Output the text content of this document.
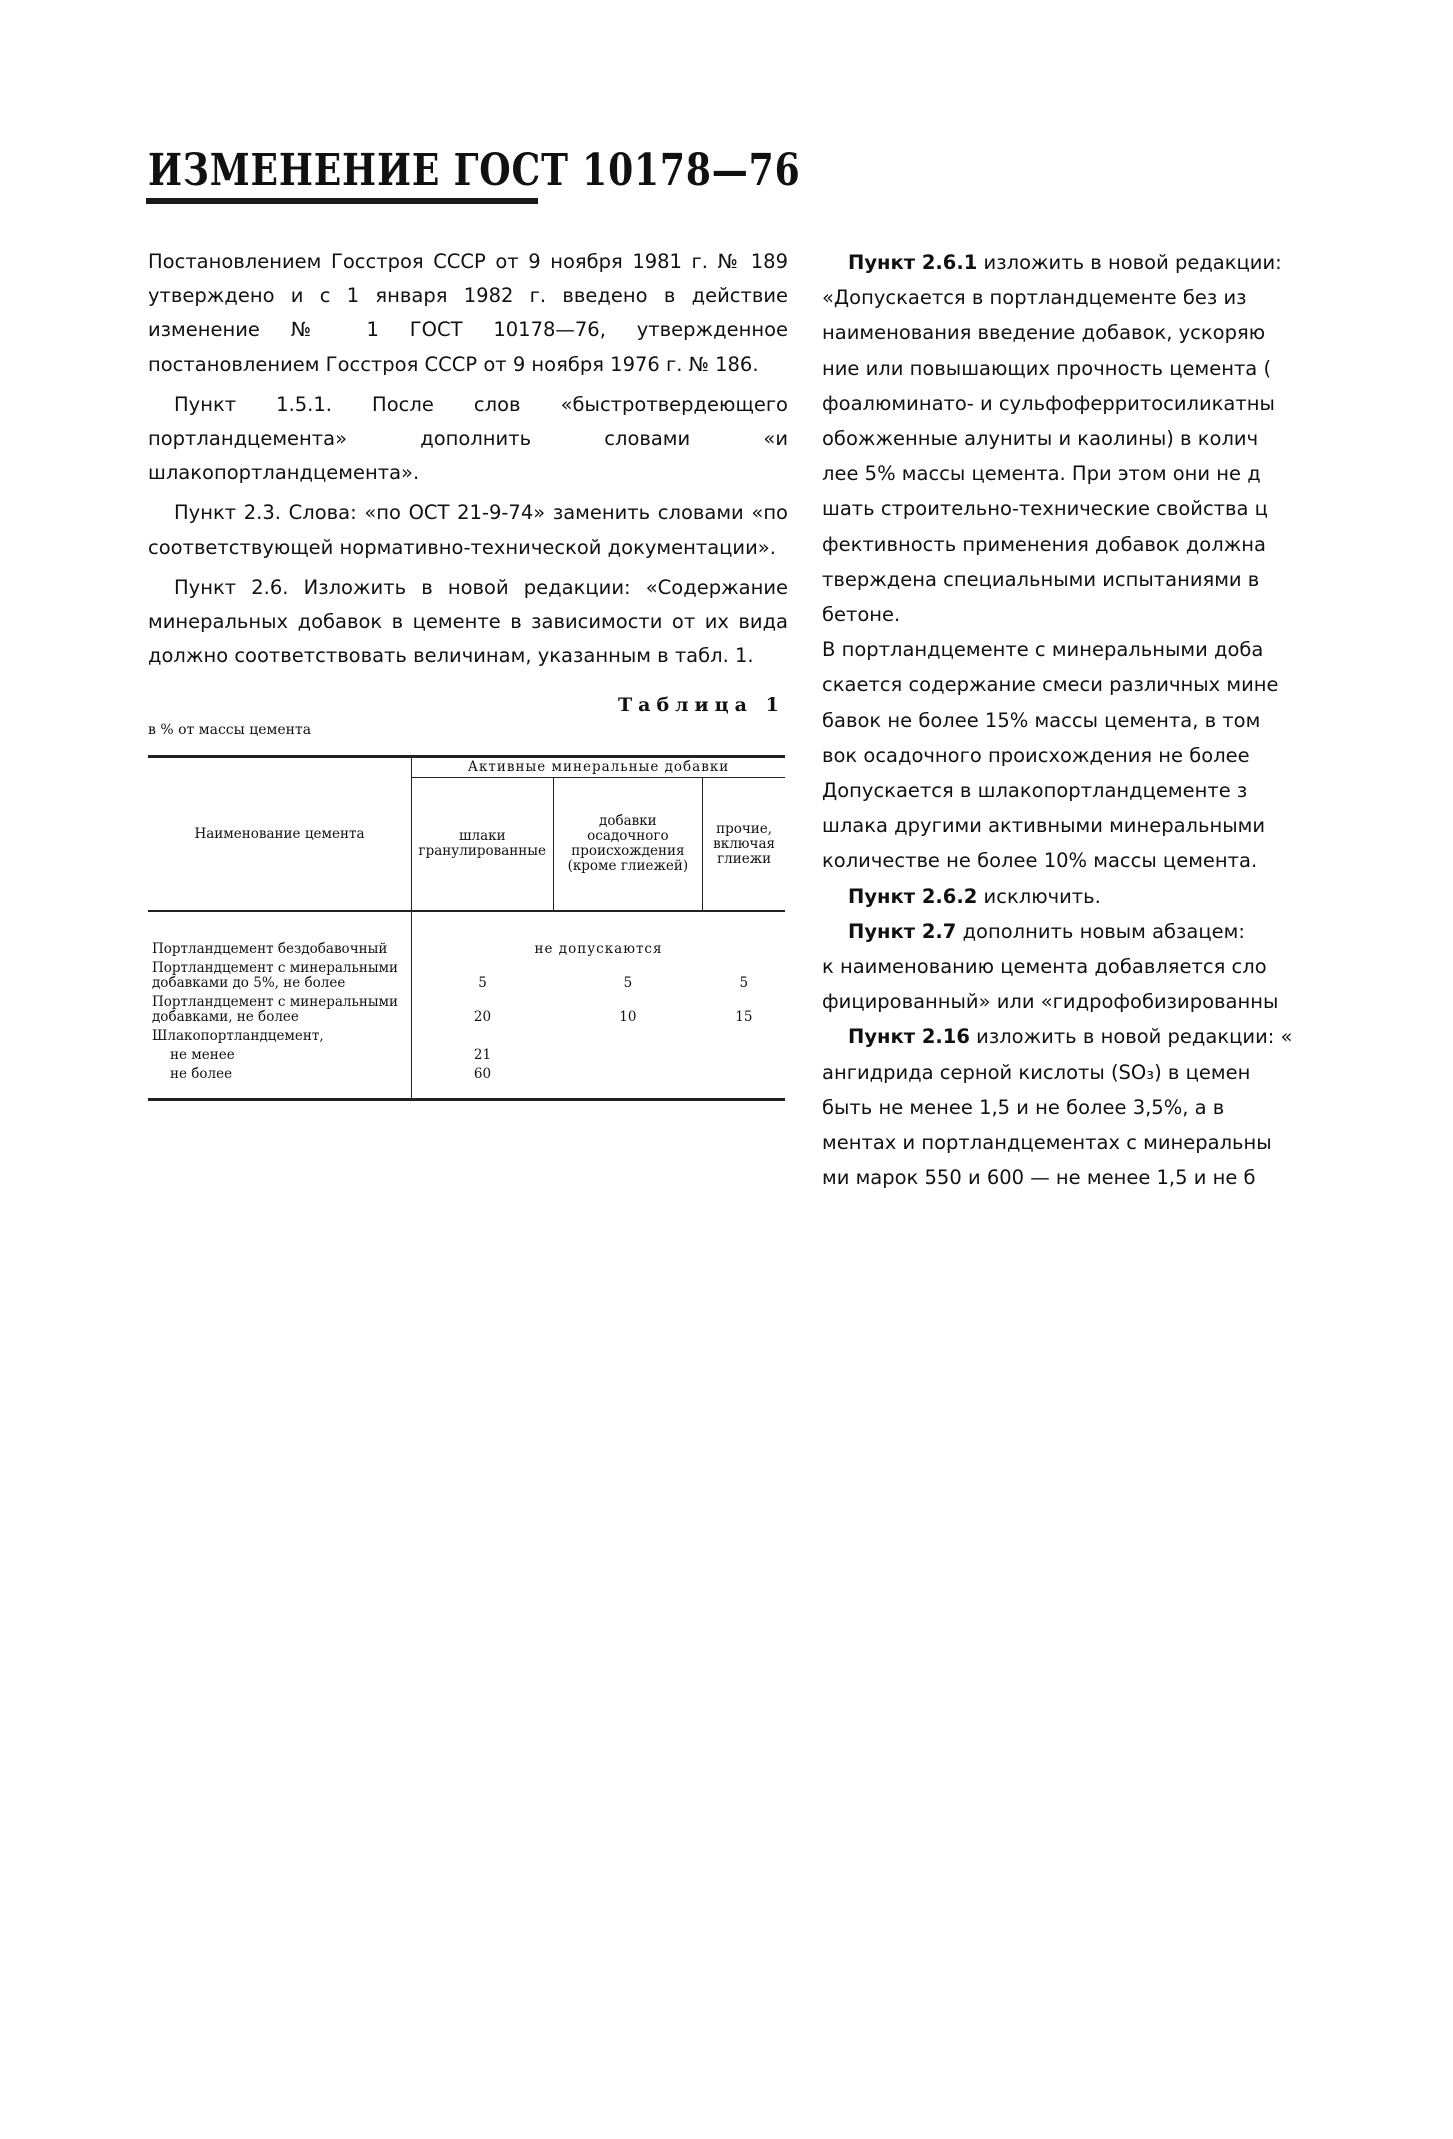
ИЗМЕНЕНИЕ ГОСТ 10178—76

Постановлением Госстроя СССР от 9 ноября 1981 г. № 189 утверждено и с 1 января 1982 г. введено в действие изменение № 1 ГОСТ 10178—76, утвержденное постановлением Госстроя СССР от 9 ноября 1976 г. № 186.

Пункт 1.5.1. После слов «быстротвердеющего портландцемента» дополнить словами «и шлакопортландцемента».

Пункт 2.3. Слова: «по ОСТ 21-9-74» заменить словами «по соответствующей нормативно-технической документации».

Пункт 2.6. Изложить в новой редакции: «Содержание минеральных добавок в цементе в зависимости от их вида должно соответствовать величинам, указанным в табл. 1.

Таблица 1
в % от массы цемента
Наименование цемента	Активные минеральные добавки		
	шлаки гранулированные	добавки осадочного происхождения (кроме глиежей)	прочие, включая глиежи
Портландцемент бездобавочный	не допускаются		
Портландцемент с минеральными добавками до 5%, не более	5	5	5
Портландцемент с минеральными добавками, не более	20	10	15
Шлакопортландцемент,			
не менее	21		
не более	60		

Пункт 2.6.1 изложить в новой редакции:

«Допускается в портландцементе без из

наименования введение добавок, ускоряю

ние или повышающих прочность цемента (

фоалюминато- и сульфоферритосиликатны

обожженные алуниты и каолины) в колич

лее 5% массы цемента. При этом они не д

шать строительно-технические свойства ц

фективность применения добавок должна

тверждена специальными испытаниями в

бетоне.

В портландцементе с минеральными доба

скается содержание смеси различных мине

бавок не более 15% массы цемента, в том

вок осадочного происхождения не более

Допускается в шлакопортландцементе з

шлака другими активными минеральными

количестве не более 10% массы цемента.

Пункт 2.6.2 исключить.

Пункт 2.7 дополнить новым абзацем:

к наименованию цемента добавляется сло

фицированный» или «гидрофобизированны

Пункт 2.16 изложить в новой редакции: «

ангидрида серной кислоты (SO₃) в цемен

быть не менее 1,5 и не более 3,5%, а в

ментах и портландцементах с минеральны

ми марок 550 и 600 — не менее 1,5 и не б
